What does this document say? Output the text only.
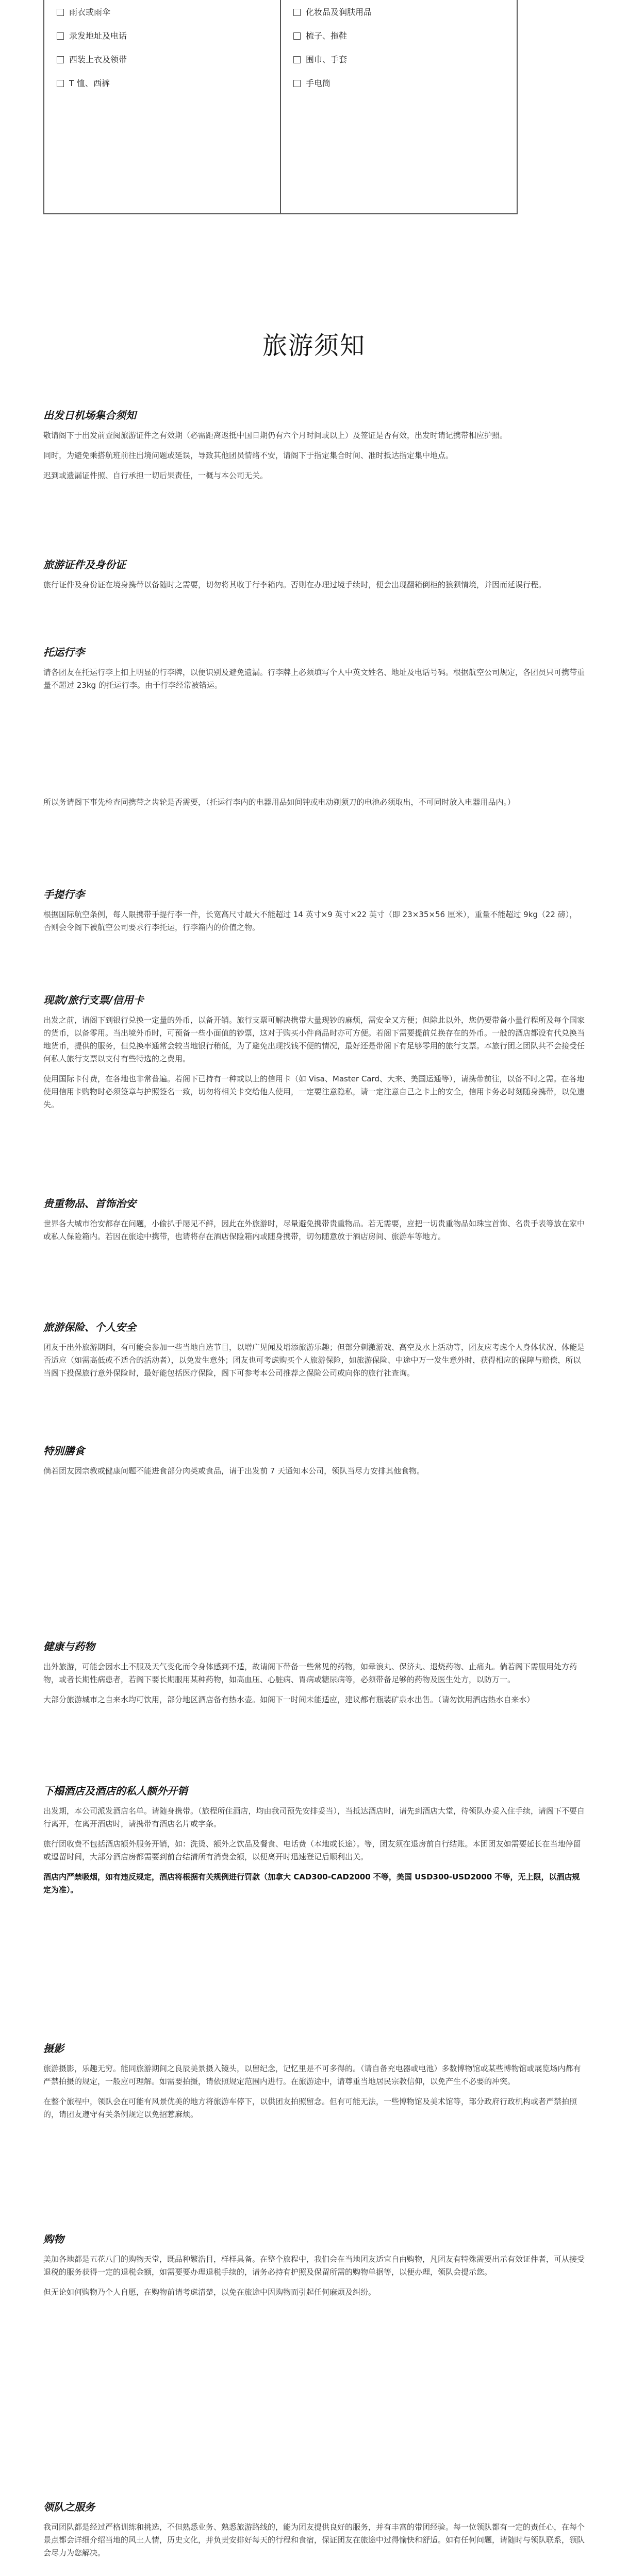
雨衣或雨伞
录发地址及电话
西装上衣及领带
T 恤、西裤
化妆品及润肤用品
梳子、拖鞋
围巾、手套
手电筒
旅游须知
出发日机场集合须知

敬请阁下于出发前查阅旅游证件之有效期（必需距离返抵中国日期仍有六个月时间或以上）及签证是否有效，出发时请记携带相应护照。

同时，为避免乘搭航班前往出境问题或延误，导致其他团员情绪不安，请阁下于指定集合时间、准时抵达指定集中地点。

迟到或遗漏证件照、自行承担一切后果责任，一概与本公司无关。

旅游证件及身份证

旅行证件及身份证在境身携带以备随时之需要，切勿将其收于行李箱内。否则在办理过境手续时，便会出现翻箱倒柜的狼狈情境，并因而延误行程。

托运行李

请各团友在托运行李上扣上明显的行李牌，以便识别及避免遗漏。行李牌上必须填写个人中英文姓名、地址及电话号码。根据航空公司规定，各团员只可携带重量不超过 23kg 的托运行李。由于行李经常被错运。

所以务请阁下事先检查同携带之齿轮是否需要，（托运行李内的电器用品如间钟或电动剃须刀的电池必须取出，不可同时放入电器用品内。）

手提行李

根据国际航空条例，每人限携带手提行李一件，长宽高尺寸最大不能超过 14 英寸×9 英寸×22 英寸（即 23×35×56 厘米），重量不能超过 9kg（22 磅），否则会令阁下被航空公司要求行李托运，行李箱内的价值之物。

现款/旅行支票/信用卡

出发之前，请阁下到银行兑换一定量的外币，以备开销。旅行支票可解决携带大量现钞的麻烦，需安全又方便；但除此以外，您仍要带备小量行程所及每个国家的货币，以备零用。当出境外币时，可预备一些小面值的钞票，这对于购买小件商品时亦可方便。若阁下需要提前兑换存在的外币。一般的酒店都设有代兑换当地货币，提供的服务，但兑换率通常会较当地银行稍低，为了避免出现找钱不便的情况，最好还是带阁下有足够零用的旅行支票。本旅行团之团队共不会接受任何私人旅行支票以支付有些特选的之费用。

使用国际卡付费，在各地也非常普遍。若阁下已持有一种或以上的信用卡（如 Visa、Master Card、大来、美国运通等），请携带前往，以备不时之需。在各地使用信用卡购物时必须签章与护照签名一致，切勿将相关卡交给他人使用，一定要注意隐私，请一定注意自己之卡上的安全，信用卡务必时刻随身携带，以免遗失。

贵重物品、首饰治安

世界各大城市治安都存在问题，小偷扒手屡见不鲜，因此在外旅游时，尽量避免携带贵重物品。若无需要，应把一切贵重物品如珠宝首饰、名贵手表等放在家中或私人保险箱内。若因在旅途中携带，也请将存在酒店保险箱内或随身携带，切勿随意放于酒店房间、旅游车等地方。

旅游保险、个人安全

团友于出外旅游期间，有可能会参加一些当地自选节目，以增广见闻及增添旅游乐趣；但部分刺激游戏、高空及水上活动等，团友应考虑个人身体状况、体能是否适应（如需高低或不适合的活动者），以免发生意外；团友也可考虑购买个人旅游保险，如旅游保险、中途中万一发生意外时，获得相应的保障与赔偿，所以当阁下投保旅行意外保险时，最好能包括医疗保险，阁下可参考本公司推荐之保险公司或向你的旅行社查询。

特别膳食

倘若团友因宗教或健康问题不能进食部分肉类或食品，请于出发前 7 天通知本公司，领队当尽力安排其他食物。

健康与药物

出外旅游，可能会因水土不服及天气变化而令身体感到不适，故请阁下带备一些常见的药物，如晕浪丸、保济丸、退烧药物、止痛丸。倘若阁下需服用处方药物，或者长期性病患者，若阁下要长期服用某种药物，如高血压、心脏病、胃病或糖尿病等，必须带备足够的药物及医生处方，以防万一。

大部分旅游城市之自来水均可饮用，部分地区酒店备有热水壶。如阁下一时间未能适应，建议都有瓶装矿泉水出售。（请勿饮用酒店热水自来水）

下榻酒店及酒店的私人额外开销

出发期，本公司派发酒店名单。请随身携带。（旅程所住酒店，均由我司预先安排妥当），当抵达酒店时，请先到酒店大堂，待领队办妥入住手续，请阁下不要自行离开，在离开酒店时，请携带有酒店名片或字条。

旅行团收费不包括酒店额外服务开销，如：洗烫、额外之饮品及餐食、电话费（本地或长途）。等，团友须在退房前自行结账。本团团友如需要延长在当地停留或逗留时间，大部分酒店房都需要到前台结清所有消费金额，以便离开时迅速登记后顺利出关。

酒店内严禁吸烟，如有违反规定，酒店将根据有关规例进行罚款（加拿大 CAD300-CAD2000 不等，美国 USD300-USD2000 不等，无上限，以酒店规定为准）。

摄影

旅游摄影，乐趣无穷。能同旅游期间之良辰美景摄入镜头，以留纪念，记忆里是不可多得的。（请自备充电器或电池）多数博物馆或某些博物馆或展览场内都有严禁拍摄的规定，一般应可理解。如需要拍摄，请依照规定范围内进行。在旅游途中，请尊重当地居民宗教信仰，以免产生不必要的冲突。

在整个旅程中，领队会在可能有风景优美的地方将旅游车停下，以供团友拍照留念。但有可能无法，一些博物馆及美术馆等，部分政府行政机构或者严禁拍照的，请团友遵守有关条例规定以免招惹麻烦。

购物

美加各地都是五花八门的购物天堂，既品种繁浩目，样样具备。在整个旅程中，我们会在当地团友适宜自由购物，凡团友有特殊需要出示有效证件者，可从接受退税的服务获得一定的退税金额，如需要要办理退税手续的，请务必持有护照及保留所需的购物单据等，以便办理，领队会提示您。

但无论如何购物乃个人自愿，在购物前请考虑清楚，以免在旅途中因购物而引起任何麻烦及纠纷。

领队之服务

我司团队都是经过严格训练和挑选，不但熟悉业务、熟悉旅游路线的，能为团友提供良好的服务，并有丰富的带团经验。每一位领队都有一定的责任心，在每个景点都会详细介绍当地的风土人情，历史文化，并负责安排好每天的行程和食宿，保证团友在旅途中过得愉快和舒适。如有任何问题，请随时与领队联系，领队会尽力为您解决。
